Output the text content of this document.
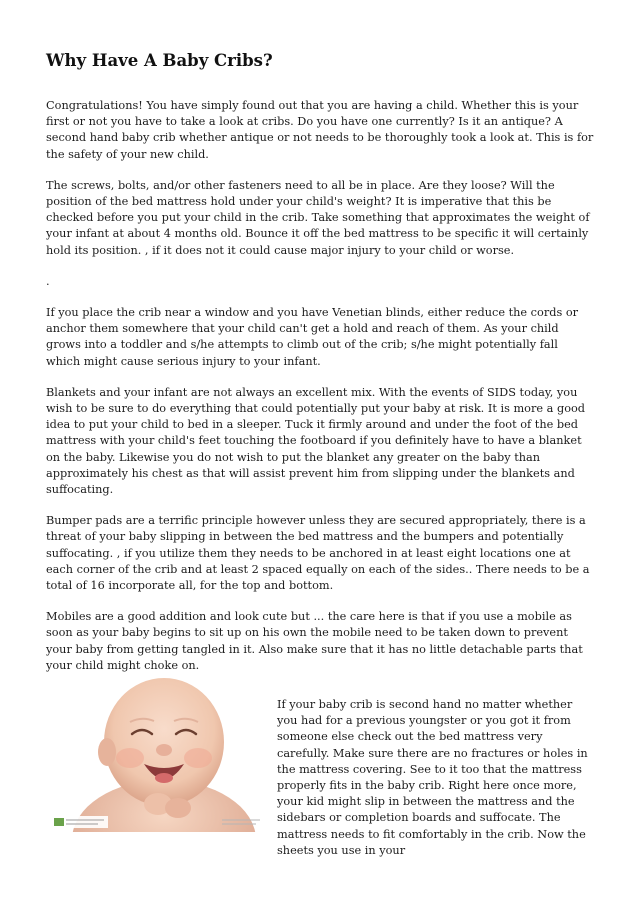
Why Have A Baby Cribs?

Congratulations! You have simply found out that you are having a child. Whether this is your first or not you have to take a look at cribs. Do you have one currently? Is it an antique? A second hand baby crib whether antique or not needs to be thoroughly took a look at. This is for the safety of your new child.

The screws, bolts, and/or other fasteners need to all be in place. Are they loose? Will the position of the bed mattress hold under your child's weight? It is imperative that this be checked before you put your child in the crib. Take something that approximates the weight of your infant at about 4 months old. Bounce it off the bed mattress to be specific it will certainly hold its position. , if it does not it could cause major injury to your child or worse.

.

If you place the crib near a window and you have Venetian blinds, either reduce the cords or anchor them somewhere that your child can't get a hold and reach of them. As your child grows into a toddler and s/he attempts to climb out of the crib; s/he might potentially fall which might cause serious injury to your infant.

Blankets and your infant are not always an excellent mix. With the events of SIDS today, you wish to be sure to do everything that could potentially put your baby at risk. It is more a good idea to put your child to bed in a sleeper. Tuck it firmly around and under the foot of the bed mattress with your child's feet touching the footboard if you definitely have to have a blanket on the baby. Likewise you do not wish to put the blanket any greater on the baby than approximately his chest as that will assist prevent him from slipping under the blankets and suffocating.

Bumper pads are a terrific principle however unless they are secured appropriately, there is a threat of your baby slipping in between the bed mattress and the bumpers and potentially suffocating. , if you utilize them they needs to be anchored in at least eight locations one at each corner of the crib and at least 2 spaced equally on each of the sides.. There needs to be a total of 16 incorporate all, for the top and bottom.

Mobiles are a good addition and look cute but ... the care here is that if you use a mobile as soon as your baby begins to sit up on his own the mobile need to be taken down to prevent your baby from getting tangled in it. Also make sure that it has no little detachable parts that your child might choke on.

If your baby crib is second hand no matter whether you had for a previous youngster or you got it from someone else check out the bed mattress very carefully. Make sure there are no fractures or holes in the mattress covering. See to it too that the mattress properly fits in the baby crib. Right here once more, your kid might slip in between the mattress and the sidebars or completion boards and suffocate. The mattress needs to fit comfortably in the crib. Now the sheets you use in your
